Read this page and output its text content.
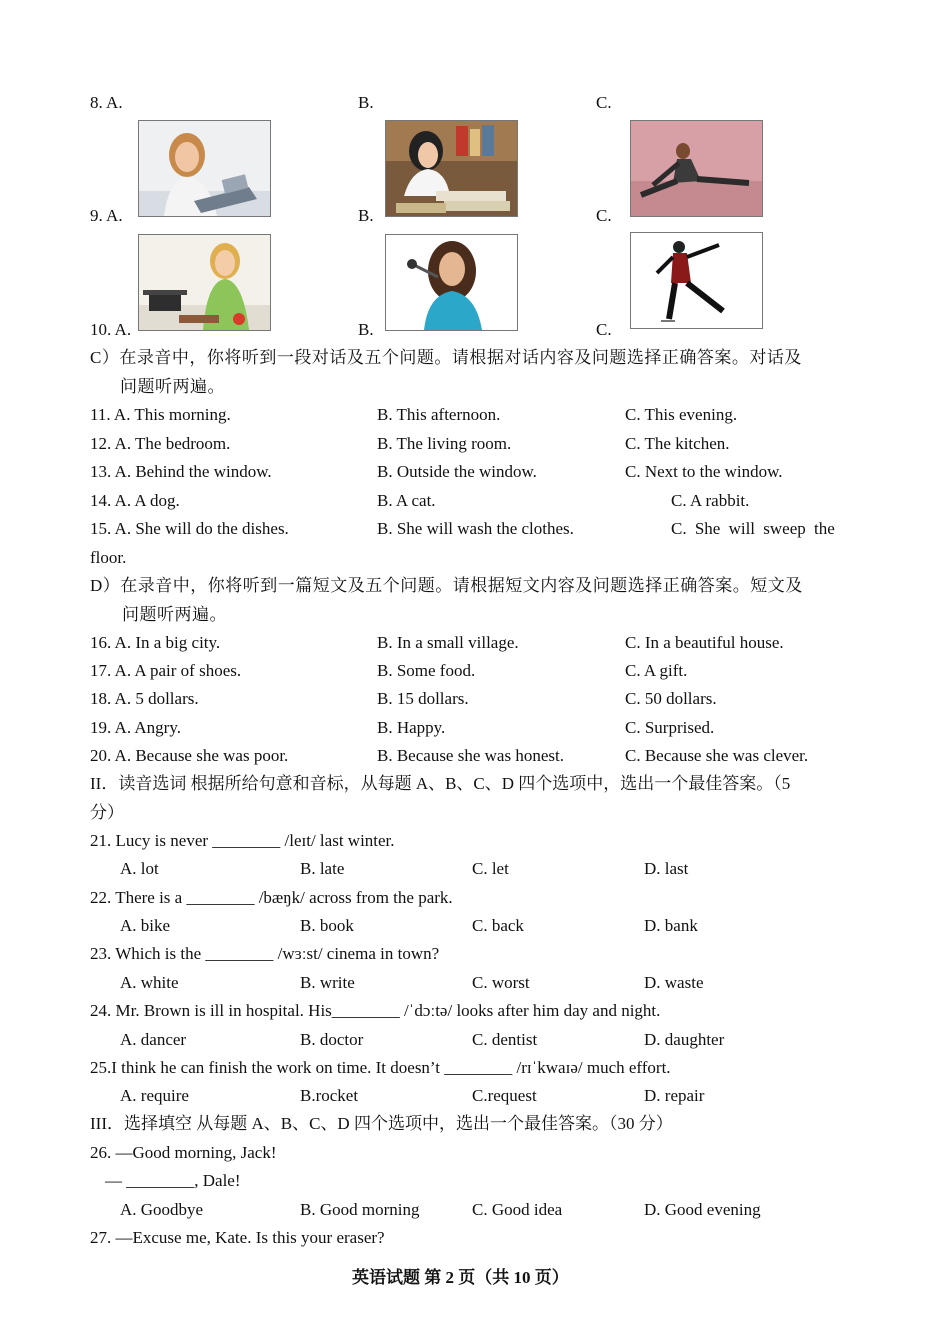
8. A.	B.	C.
9. A.	B.	C.
10. A.	B.	C.
C）在录音中，你将听到一段对话及五个问题。请根据对话内容及问题选择正确答案。对话及
问题听两遍。
11. A. This morning.	B. This afternoon.	C. This evening.
12. A. The bedroom.	B. The living room.	C. The kitchen.
13. A. Behind the window.	B. Outside the window.	C. Next to the window.
14. A. A dog.	B. A cat.	C. A rabbit.
15. A. She will do the dishes.	B. She will wash the clothes.	C. She will sweep the
floor.
D）在录音中，你将听到一篇短文及五个问题。请根据短文内容及问题选择正确答案。短文及
问题听两遍。
16. A. In a big city.	B. In a small village.	C. In a beautiful house.
17. A. A pair of shoes.	B. Some food.	C. A gift.
18. A. 5 dollars.	B. 15 dollars.	C. 50 dollars.
19. A. Angry.	B. Happy.	C. Surprised.
20. A. Because she was poor.	B. Because she was honest.	C. Because she was clever.
II．读音选词 根据所给句意和音标，从每题 A、B、C、D 四个选项中，选出一个最佳答案。（5
分）
21. Lucy is never ________ /leɪt/ last winter.
A. lot	B. late	C. let	D. last
22. There is a ________ /bæŋk/ across from the park.
A. bike	B. book	C. back	D. bank
23. Which is the ________ /wɜːst/ cinema in town?
A. white	B. write	C. worst	D. waste
24. Mr. Brown is ill in hospital. His________ /ˈdɔːtə/ looks after him day and night.
A. dancer	B. doctor	C. dentist	D. daughter
25.I think he can finish the work on time. It doesn’t ________ /rɪˈkwaɪə/ much effort.
A. require	B.rocket	C.request	D. repair
III．选择填空 从每题 A、B、C、D 四个选项中，选出一个最佳答案。（30 分）
26. —Good morning, Jack!
— ________, Dale!
A. Goodbye	B. Good morning	C. Good idea	D. Good evening
27. —Excuse me, Kate. Is this your eraser?
英语试题 第 2 页（共 10 页）
